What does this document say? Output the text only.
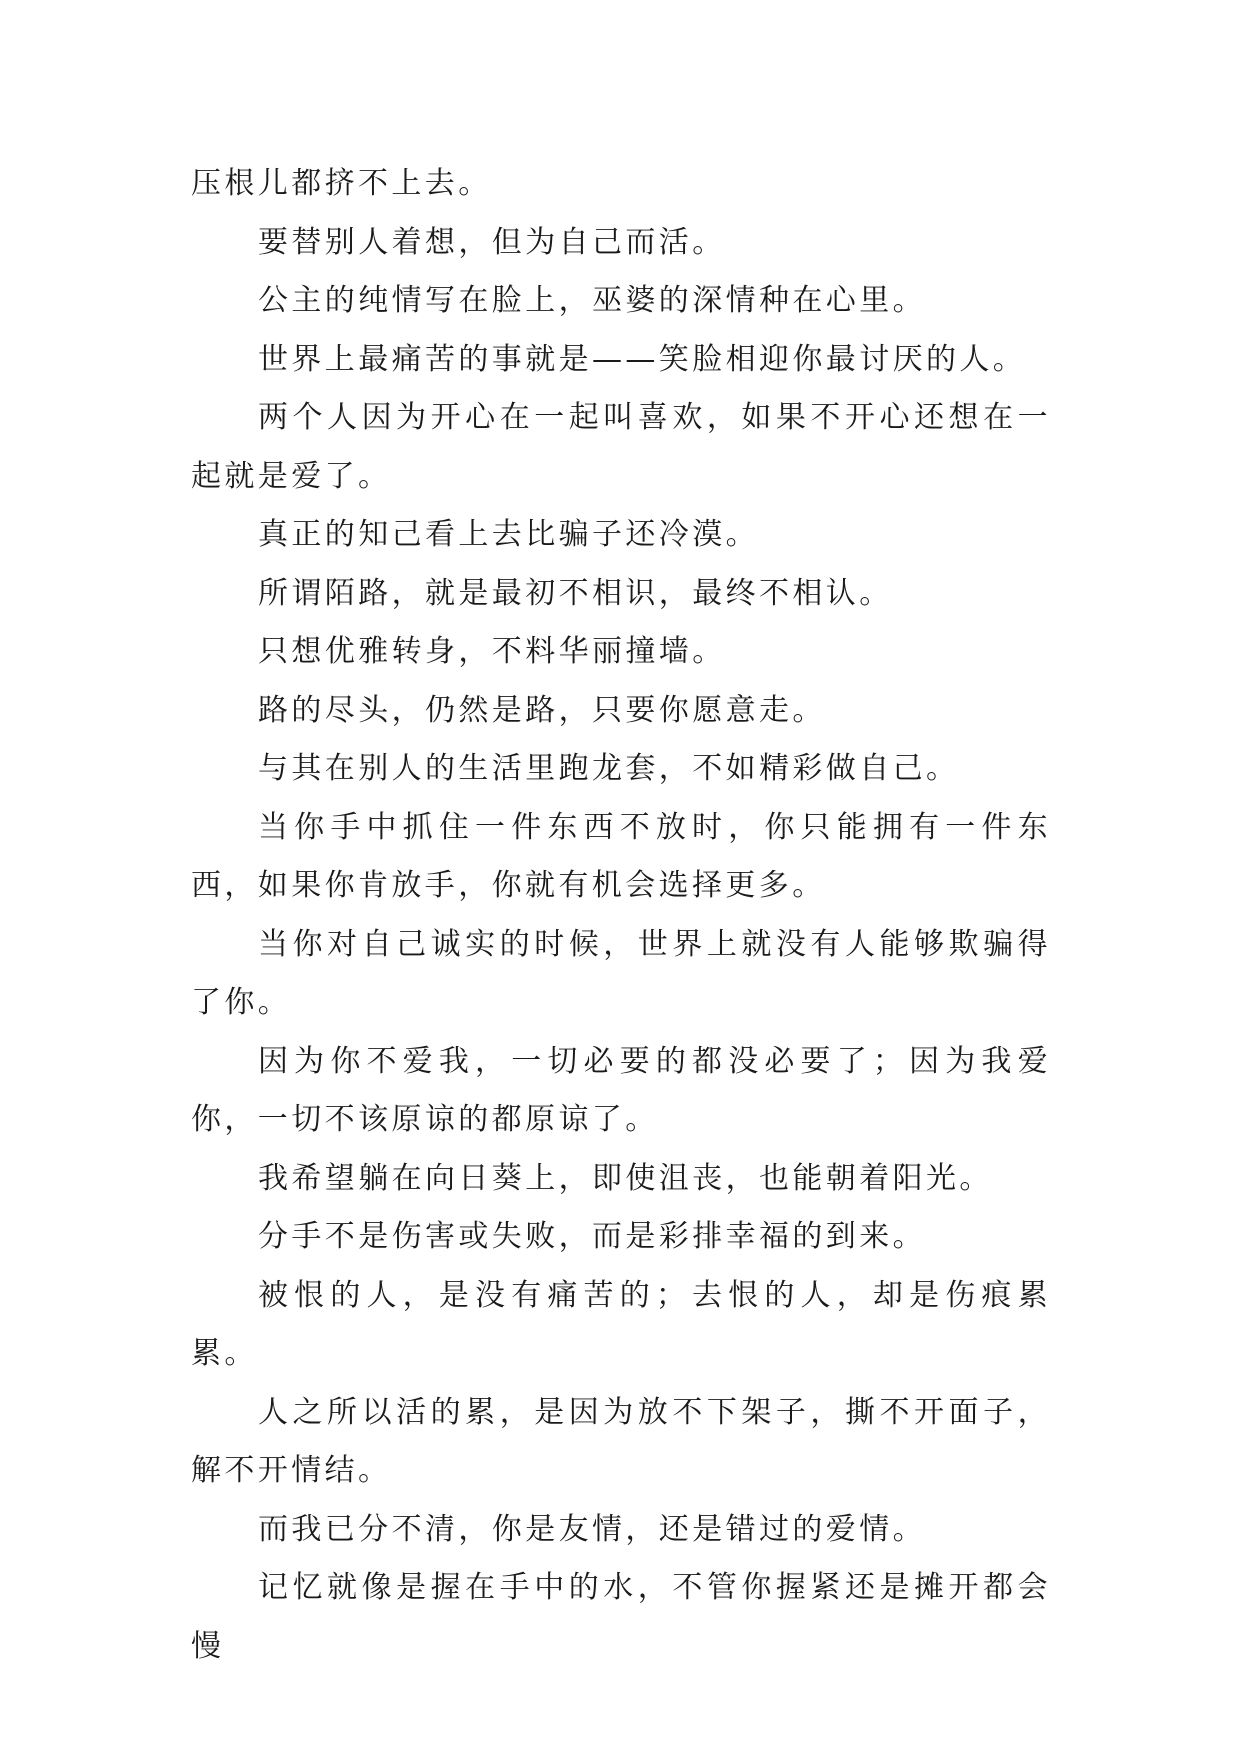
压根儿都挤不上去。

要替别人着想，但为自己而活。

公主的纯情写在脸上，巫婆的深情种在心里。

世界上最痛苦的事就是——笑脸相迎你最讨厌的人。

两个人因为开心在一起叫喜欢，如果不开心还想在一起就是爱了。

真正的知己看上去比骗子还冷漠。

所谓陌路，就是最初不相识，最终不相认。

只想优雅转身，不料华丽撞墙。

路的尽头，仍然是路，只要你愿意走。

与其在别人的生活里跑龙套，不如精彩做自己。

当你手中抓住一件东西不放时，你只能拥有一件东西，如果你肯放手，你就有机会选择更多。

当你对自己诚实的时候，世界上就没有人能够欺骗得了你。

因为你不爱我，一切必要的都没必要了；因为我爱你，一切不该原谅的都原谅了。

我希望躺在向日葵上，即使沮丧，也能朝着阳光。

分手不是伤害或失败，而是彩排幸福的到来。

被恨的人，是没有痛苦的；去恨的人，却是伤痕累累。

人之所以活的累，是因为放不下架子，撕不开面子，解不开情结。

而我已分不清，你是友情，还是错过的爱情。

记忆就像是握在手中的水，不管你握紧还是摊开都会慢
